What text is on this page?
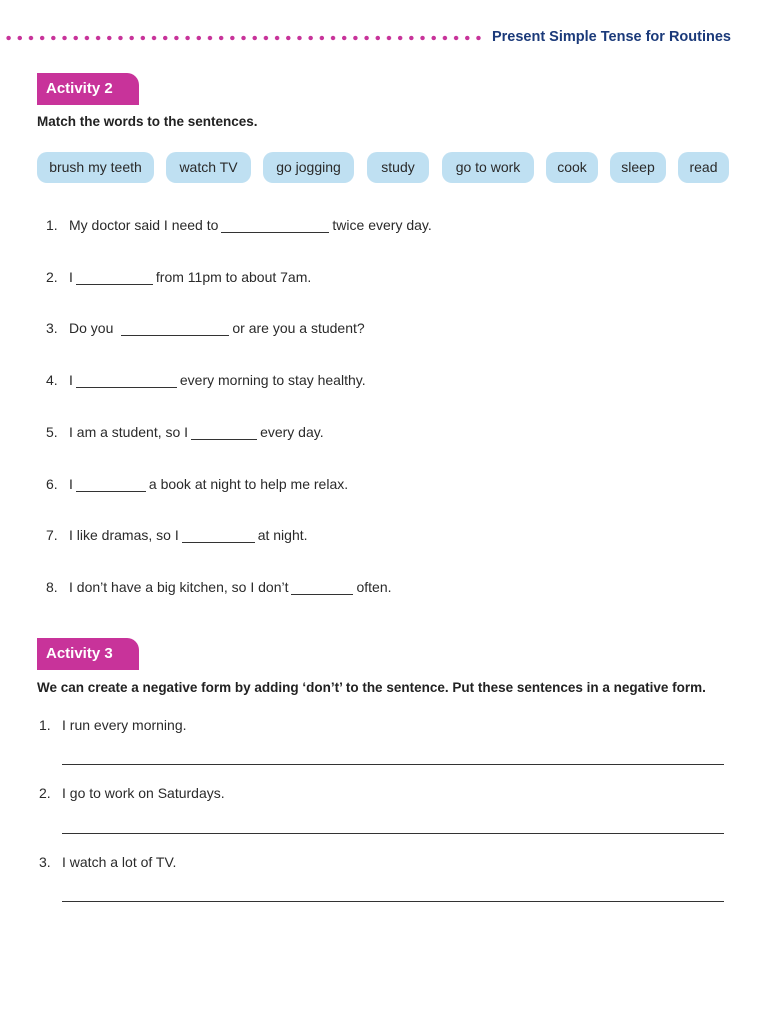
Present Simple Tense for Routines
Activity 2
Match the words to the sentences.
brush my teeth	watch TV	go jogging	study	go to work	cook	sleep	read
1. My doctor said I need to	twice every day.
2. I	from 11pm to about 7am.
3. Do you	or are you a student?
4. I	every morning to stay healthy.
5. I am a student, so I	every day.
6. I	a book at night to help me relax.
7. I like dramas, so I	at night.
8. I don’t have a big kitchen, so I don’t	often.
Activity 3
We can create a negative form by adding ‘don’t’ to the sentence. Put these sentences in a negative form.
1. I run every morning.
2. I go to work on Saturdays.
3. I watch a lot of TV.
